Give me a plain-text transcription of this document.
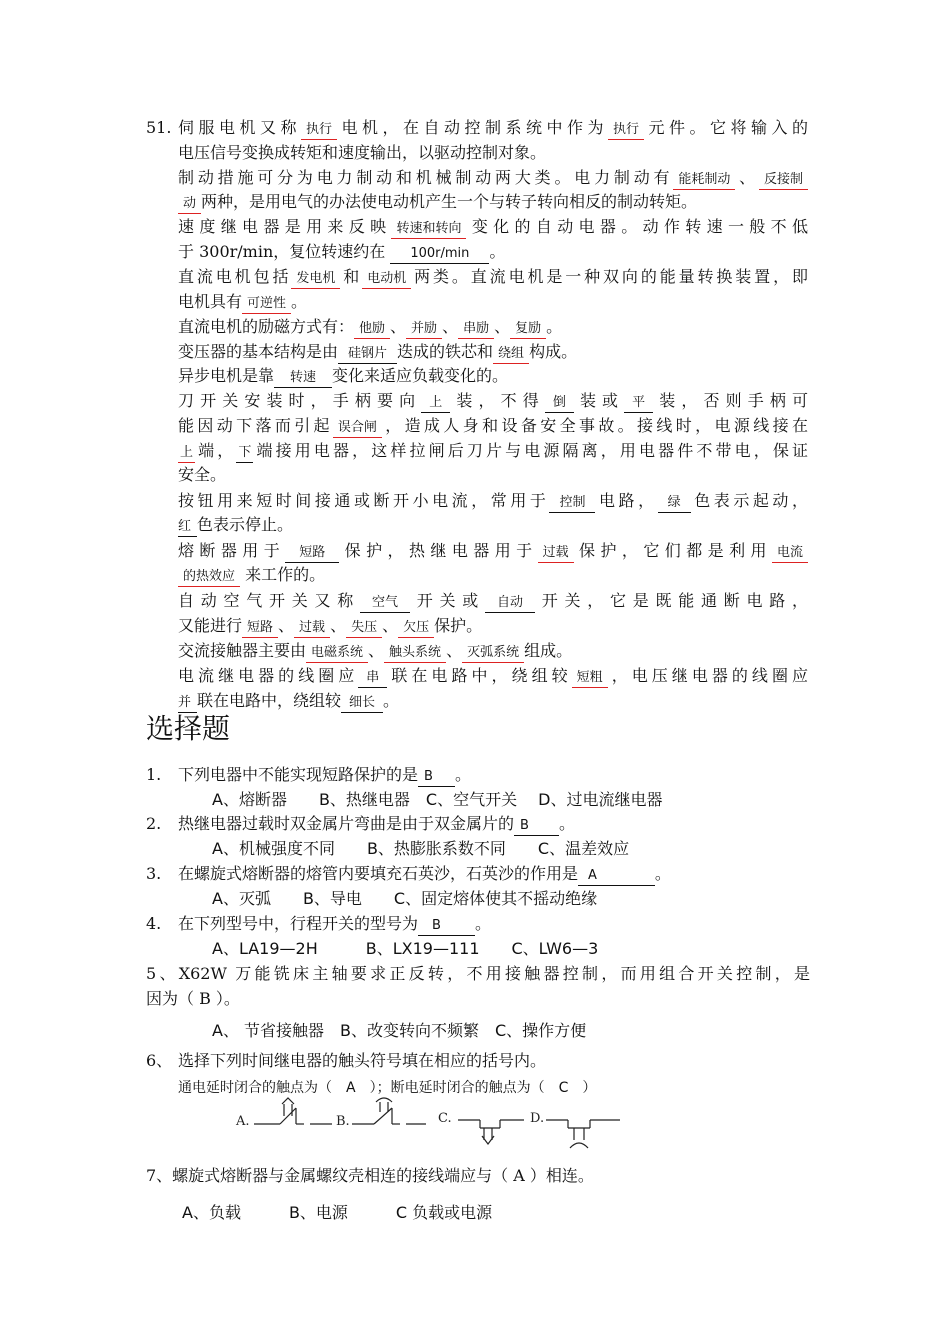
51. 伺服电机又称 执行 电机，在自动控制系统中作为 执行 元件。它将输入的
电压信号变换成转矩和速度输出，以驱动控制对象。
制动措施可分为电力制动和机械制动两大类。电力制动有 能耗制动 、 反接制
动 两种，是用电气的办法使电动机产生一个与转子转向相反的制动转矩。
速度继电器是用来反映 转速和转向 变化的自动电器。动作转速一般不低
于 300r/min，复位转速约在 100r/min 。
直流电机包括 发电机 和 电动机 两类。直流电机是一种双向的能量转换装置，即
电机具有 可逆性 。
直流电机的励磁方式有： 他励 、 并励 、 串励 、 复励 。
变压器的基本结构是由 硅钢片 迭成的铁芯和 绕组 构成。
异步电机是靠 转速 变化来适应负载变化的。
刀开关安装时，手柄要向 上 装，不得 倒 装或 平 装，否则手柄可
能因动下落而引起 误合闸 ，造成人身和设备安全事故。接线时，电源线接在
上 端， 下 端接用电器，这样拉闸后刀片与电源隔离，用电器件不带电，保证
安全。
按钮用来短时间接通或断开小电流，常用于 控制 电路， 绿 色表示起动，
红 色表示停止。
熔断器用于 短路 保护，热继电器用于 过载 保护，它们都是利用 电流
的热效应 来工作的。
自动空气开关又称 空气 开关或 自动 开关，它是既能通断电路，
又能进行 短路 、 过载 、 失压 、 欠压 保护。
交流接触器主要由 电磁系统 、 触头系统 、 灭弧系统 组成。
电流继电器的线圈应 串 联在电路中，绕组较 短粗 ，电压继电器的线圈应
并 联在电路中，绕组较 细长 。
选择题
1. 下列电器中不能实现短路保护的是 B 。
A、熔断器　　B、热继电器　C、空气开关　 D、过电流继电器
2. 热继电器过载时双金属片弯曲是由于双金属片的 B 。
A、机械强度不同　　B、热膨胀系数不同　　C、温差效应
3. 在螺旋式熔断器的熔管内要填充石英沙，石英沙的作用是 A	。
A、灭弧　　B、导电　　C、固定熔体使其不摇动绝缘
4. 在下列型号中，行程开关的型号为 B 。
A、LA19—2H　　　B、LX19—111　　C、LW6—3
5、X62W 万能铣床主轴要求正反转，不用接触器控制，而用组合开关控制，是
因为（ B ）。
A、 节省接触器　B、改变转向不频繁　C、操作方便
6、 选择下列时间继电器的触头符号填在相应的括号内。
通电延时闭合的触点为（　A　）；断电延时闭合的触点为（　C　）
A.	B.	C.	D.
7、螺旋式熔断器与金属螺纹壳相连的接线端应与（ A ）相连。
A、负载　　　B、电源　　　C 负载或电源
